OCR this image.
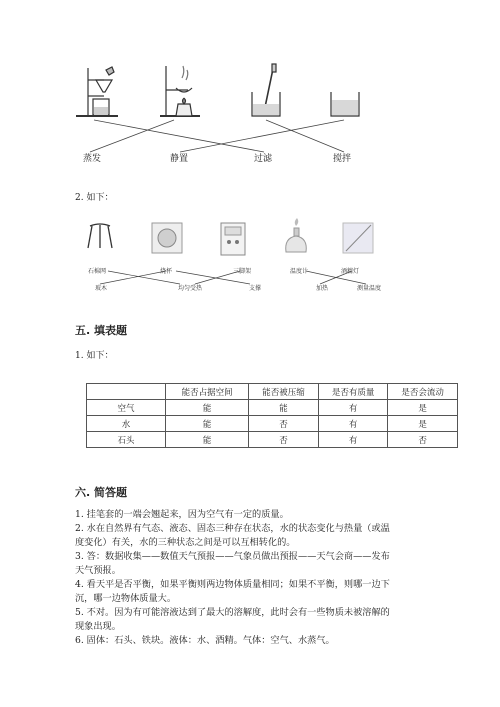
蒸发	静置	过滤	搅拌
2. 如下：
石棉网	烧杯	三脚架	温度计	酒精灯
玻木	均匀受热	支撑	加热	测量温度
五. 填表题
1. 如下：
	能否占据空间	能否被压缩	是否有质量	是否会流动
空气	能	能	有	是
水	能	否	有	是
石头	能	否	有	否
六. 简答题
1. 挂笔套的一端会翘起来，因为空气有一定的质量。
2. 水在自然界有气态、液态、固态三种存在状态，水的状态变化与热量（或温
度变化）有关，水的三种状态之间是可以互相转化的。
3. 答：数据收集——数值天气预报——气象员做出预报——天气会商——发布
天气预报。
4. 看天平是否平衡，如果平衡则两边物体质量相同；如果不平衡，则哪一边下
沉，哪一边物体质量大。
5. 不对。因为有可能溶液达到了最大的溶解度，此时会有一些物质未被溶解的
现象出现。
6. 固体：石头、铁块。液体：水、酒精。气体：空气、水蒸气。
